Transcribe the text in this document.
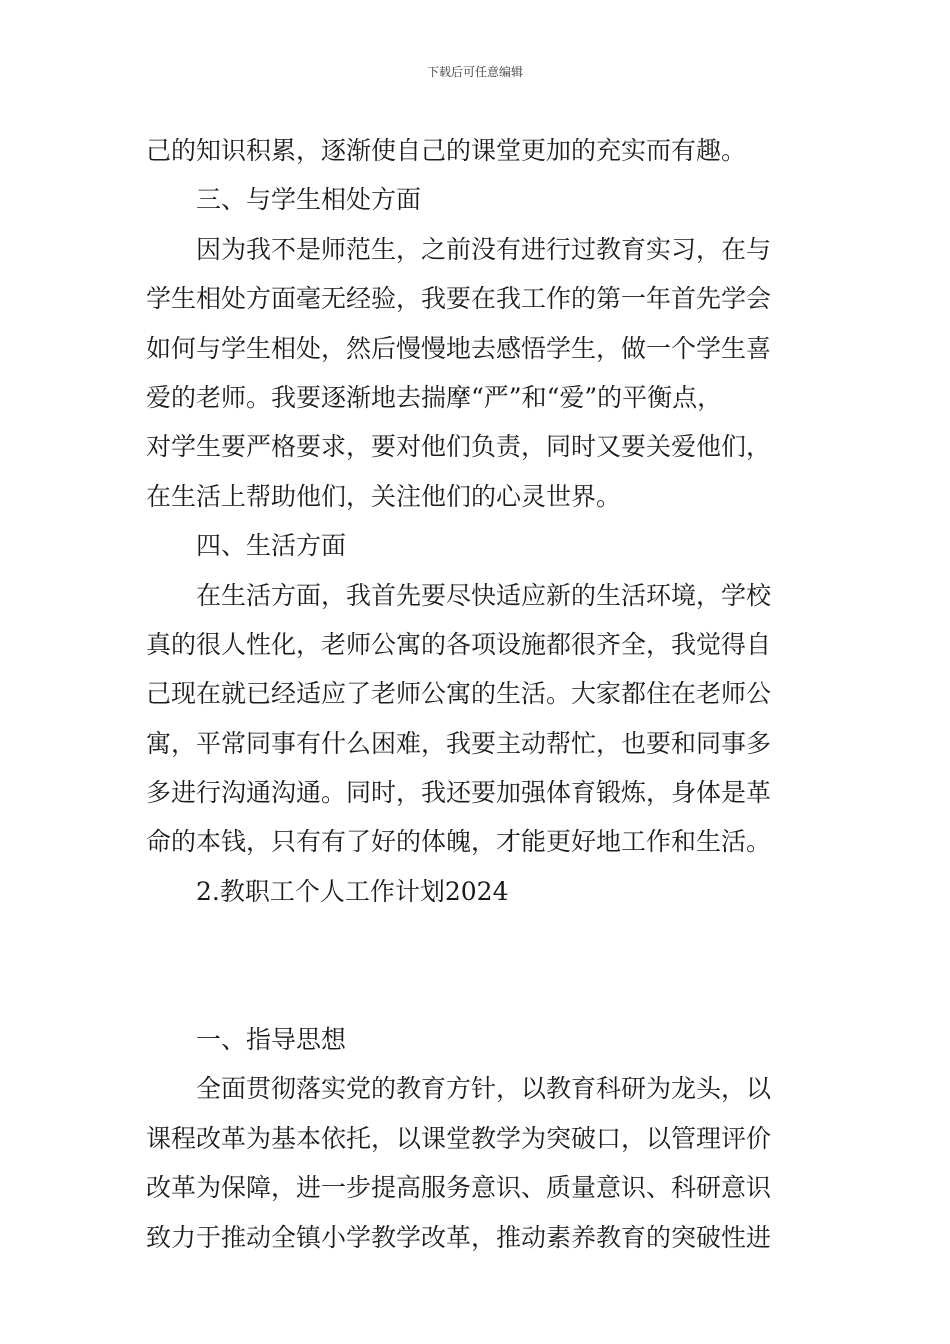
下载后可任意编辑
己的知识积累，逐渐使自己的课堂更加的充实而有趣。
三、与学生相处方面
因为我不是师范生，之前没有进行过教育实习，在与
学生相处方面毫无经验，我要在我工作的第一年首先学会
如何与学生相处，然后慢慢地去感悟学生，做一个学生喜
爱的老师。我要逐渐地去揣摩“严”和“爱”的平衡点，
对学生要严格要求，要对他们负责，同时又要关爱他们，
在生活上帮助他们，关注他们的心灵世界。
四、生活方面
在生活方面，我首先要尽快适应新的生活环境，学校
真的很人性化，老师公寓的各项设施都很齐全，我觉得自
己现在就已经适应了老师公寓的生活。大家都住在老师公
寓，平常同事有什么困难，我要主动帮忙，也要和同事多
多进行沟通沟通。同时，我还要加强体育锻炼，身体是革
命的本钱，只有有了好的体魄，才能更好地工作和生活。
2.教职工个人工作计划2024
一、指导思想
全面贯彻落实党的教育方针，以教育科研为龙头，以
课程改革为基本依托，以课堂教学为突破口，以管理评价
改革为保障，进一步提高服务意识、质量意识、科研意识
致力于推动全镇小学教学改革，推动素养教育的突破性进
